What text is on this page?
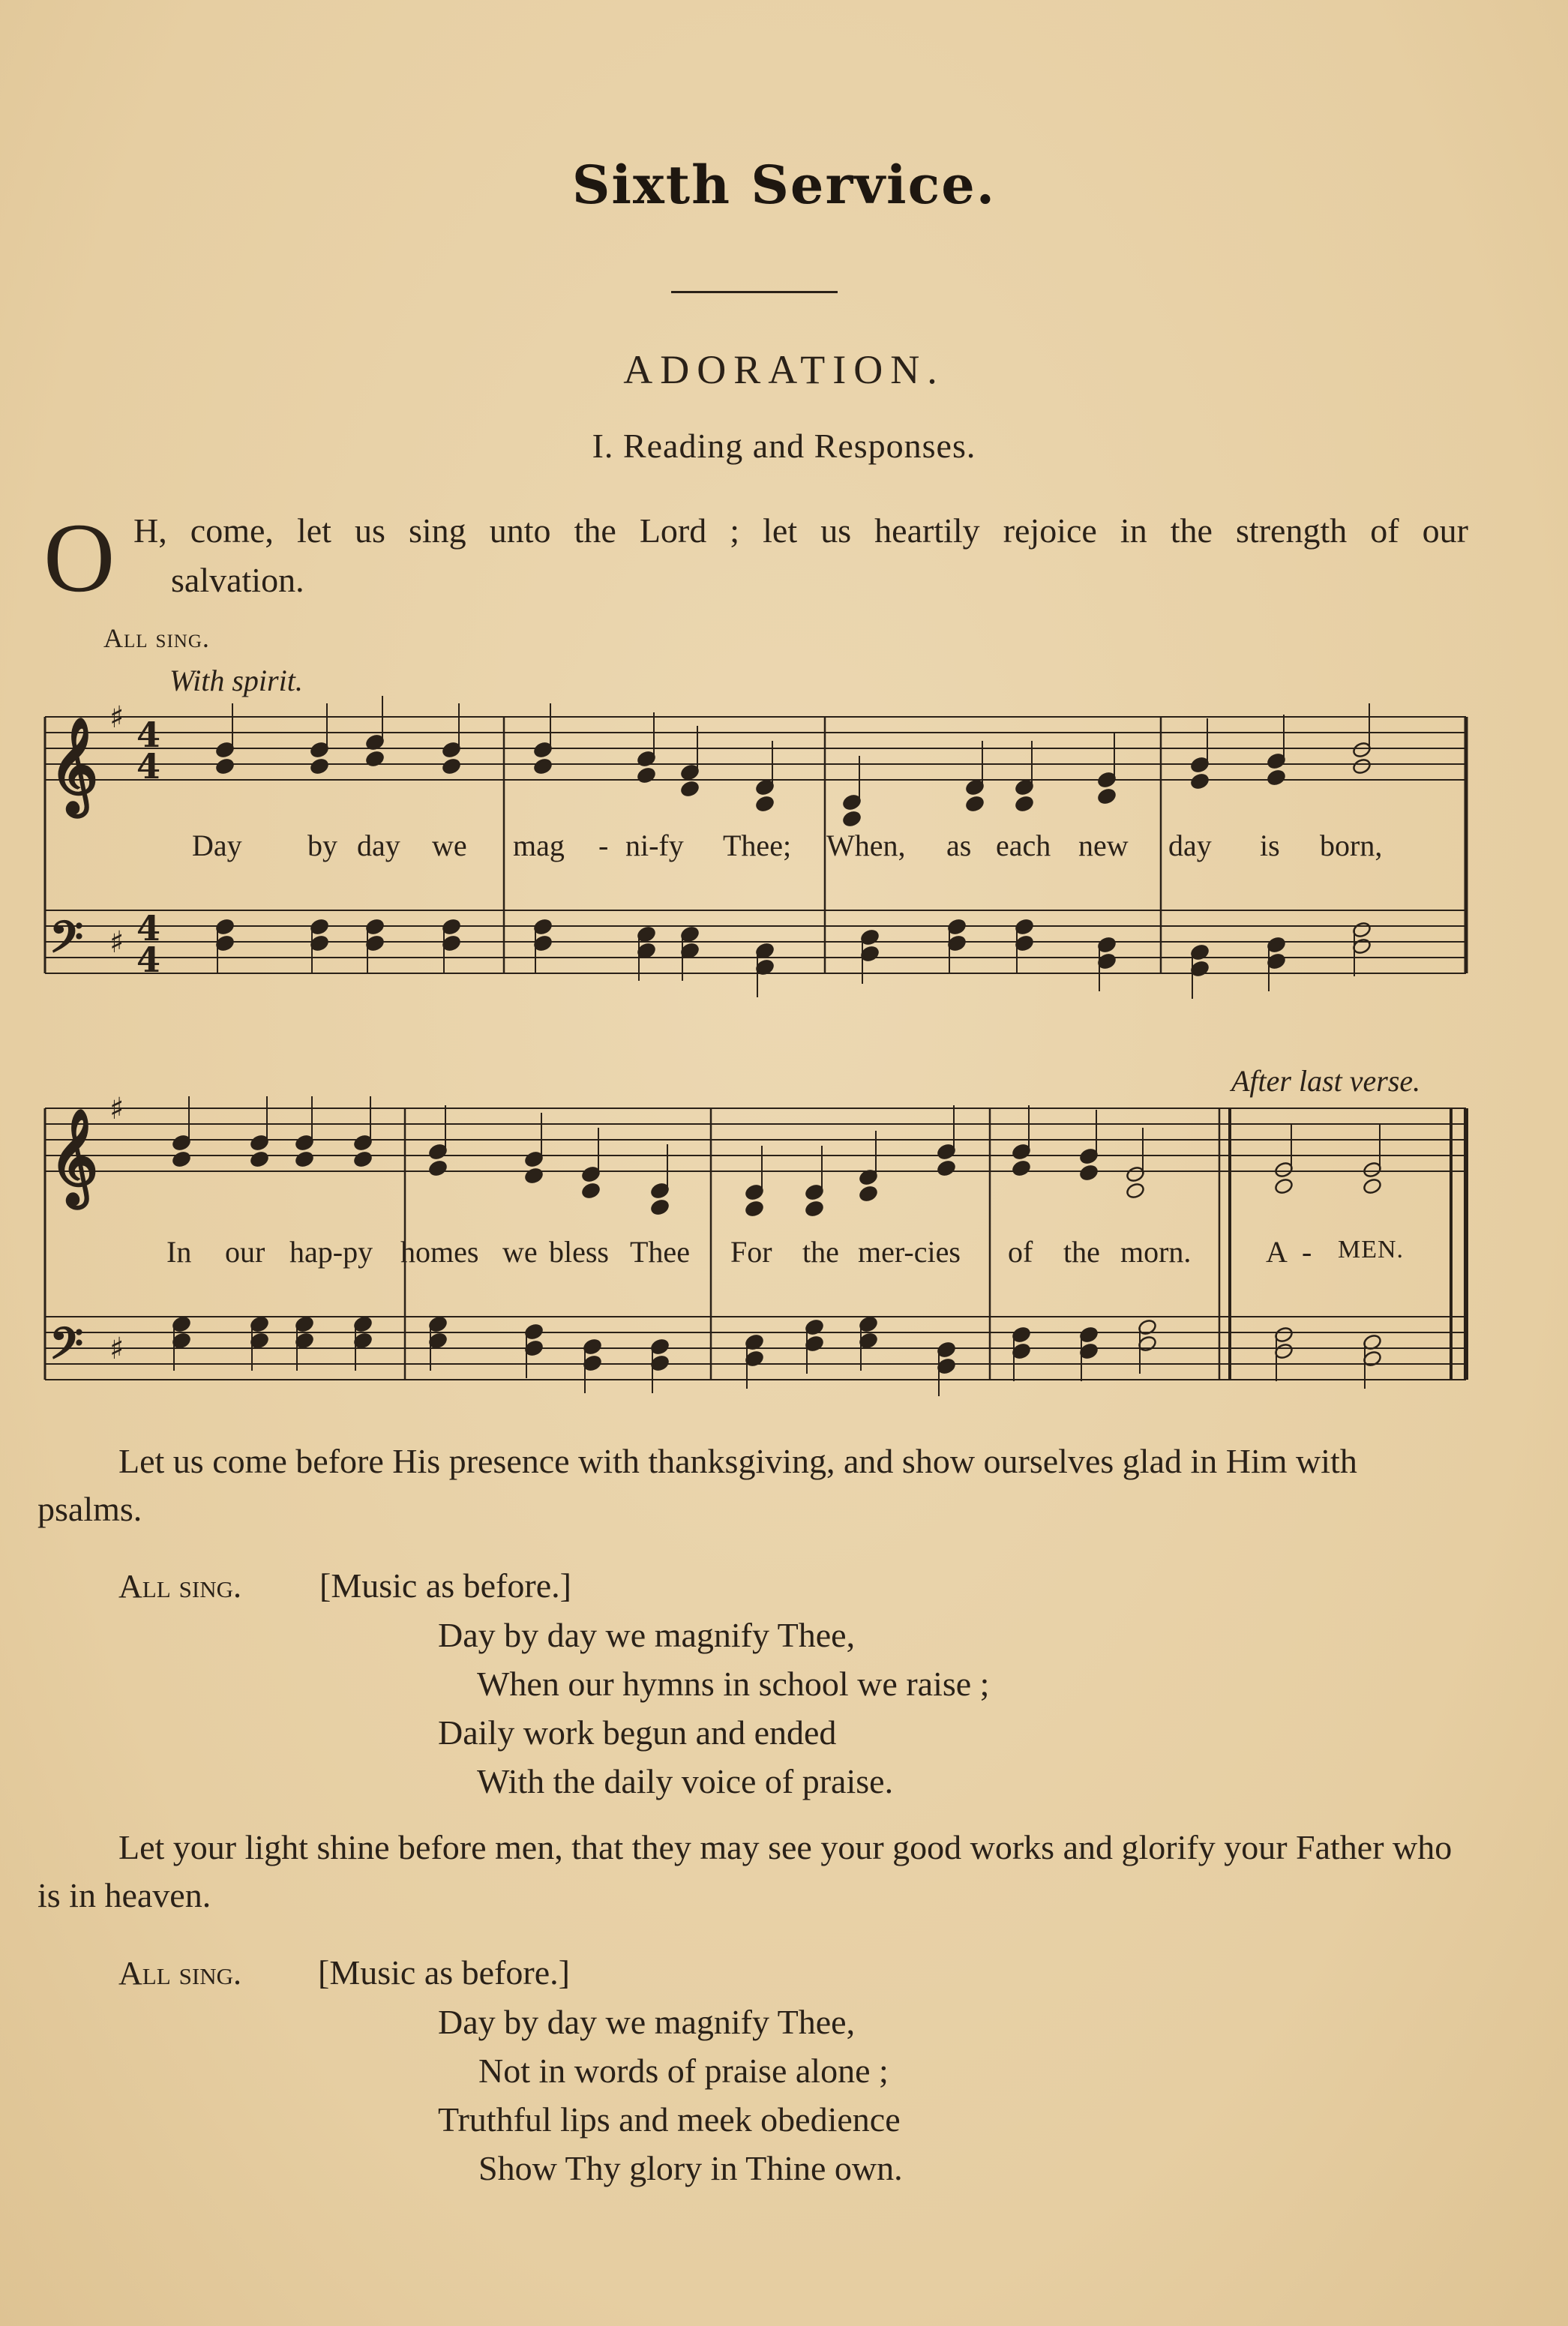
Sixth Service.
ADORATION.
I. Reading and Responses.
O H, come, let us sing unto the Lord ; let us heartily rejoice in the strength of our
salvation.
All sing.
With spirit.
After last verse.
𝄞
𝄢
♯
♯
4
4
4
4
𝄞
𝄢
♯
♯
Day by day we mag - ni-fy Thee; When, as each new day is born,
In our hap-py homes we bless Thee For the mer-cies of the morn. A - MEN.
Let us come before His presence with thanksgiving, and show ourselves glad in Him with psalms.
All sing. [Music as before.]
Day by day we magnify Thee,
When our hymns in school we raise ;
Daily work begun and ended
With the daily voice of praise.
Let your light shine before men, that they may see your good works and glorify your Father who is in heaven.
All sing. [Music as before.]
Day by day we magnify Thee,
Not in words of praise alone ;
Truthful lips and meek obedience
Show Thy glory in Thine own.
